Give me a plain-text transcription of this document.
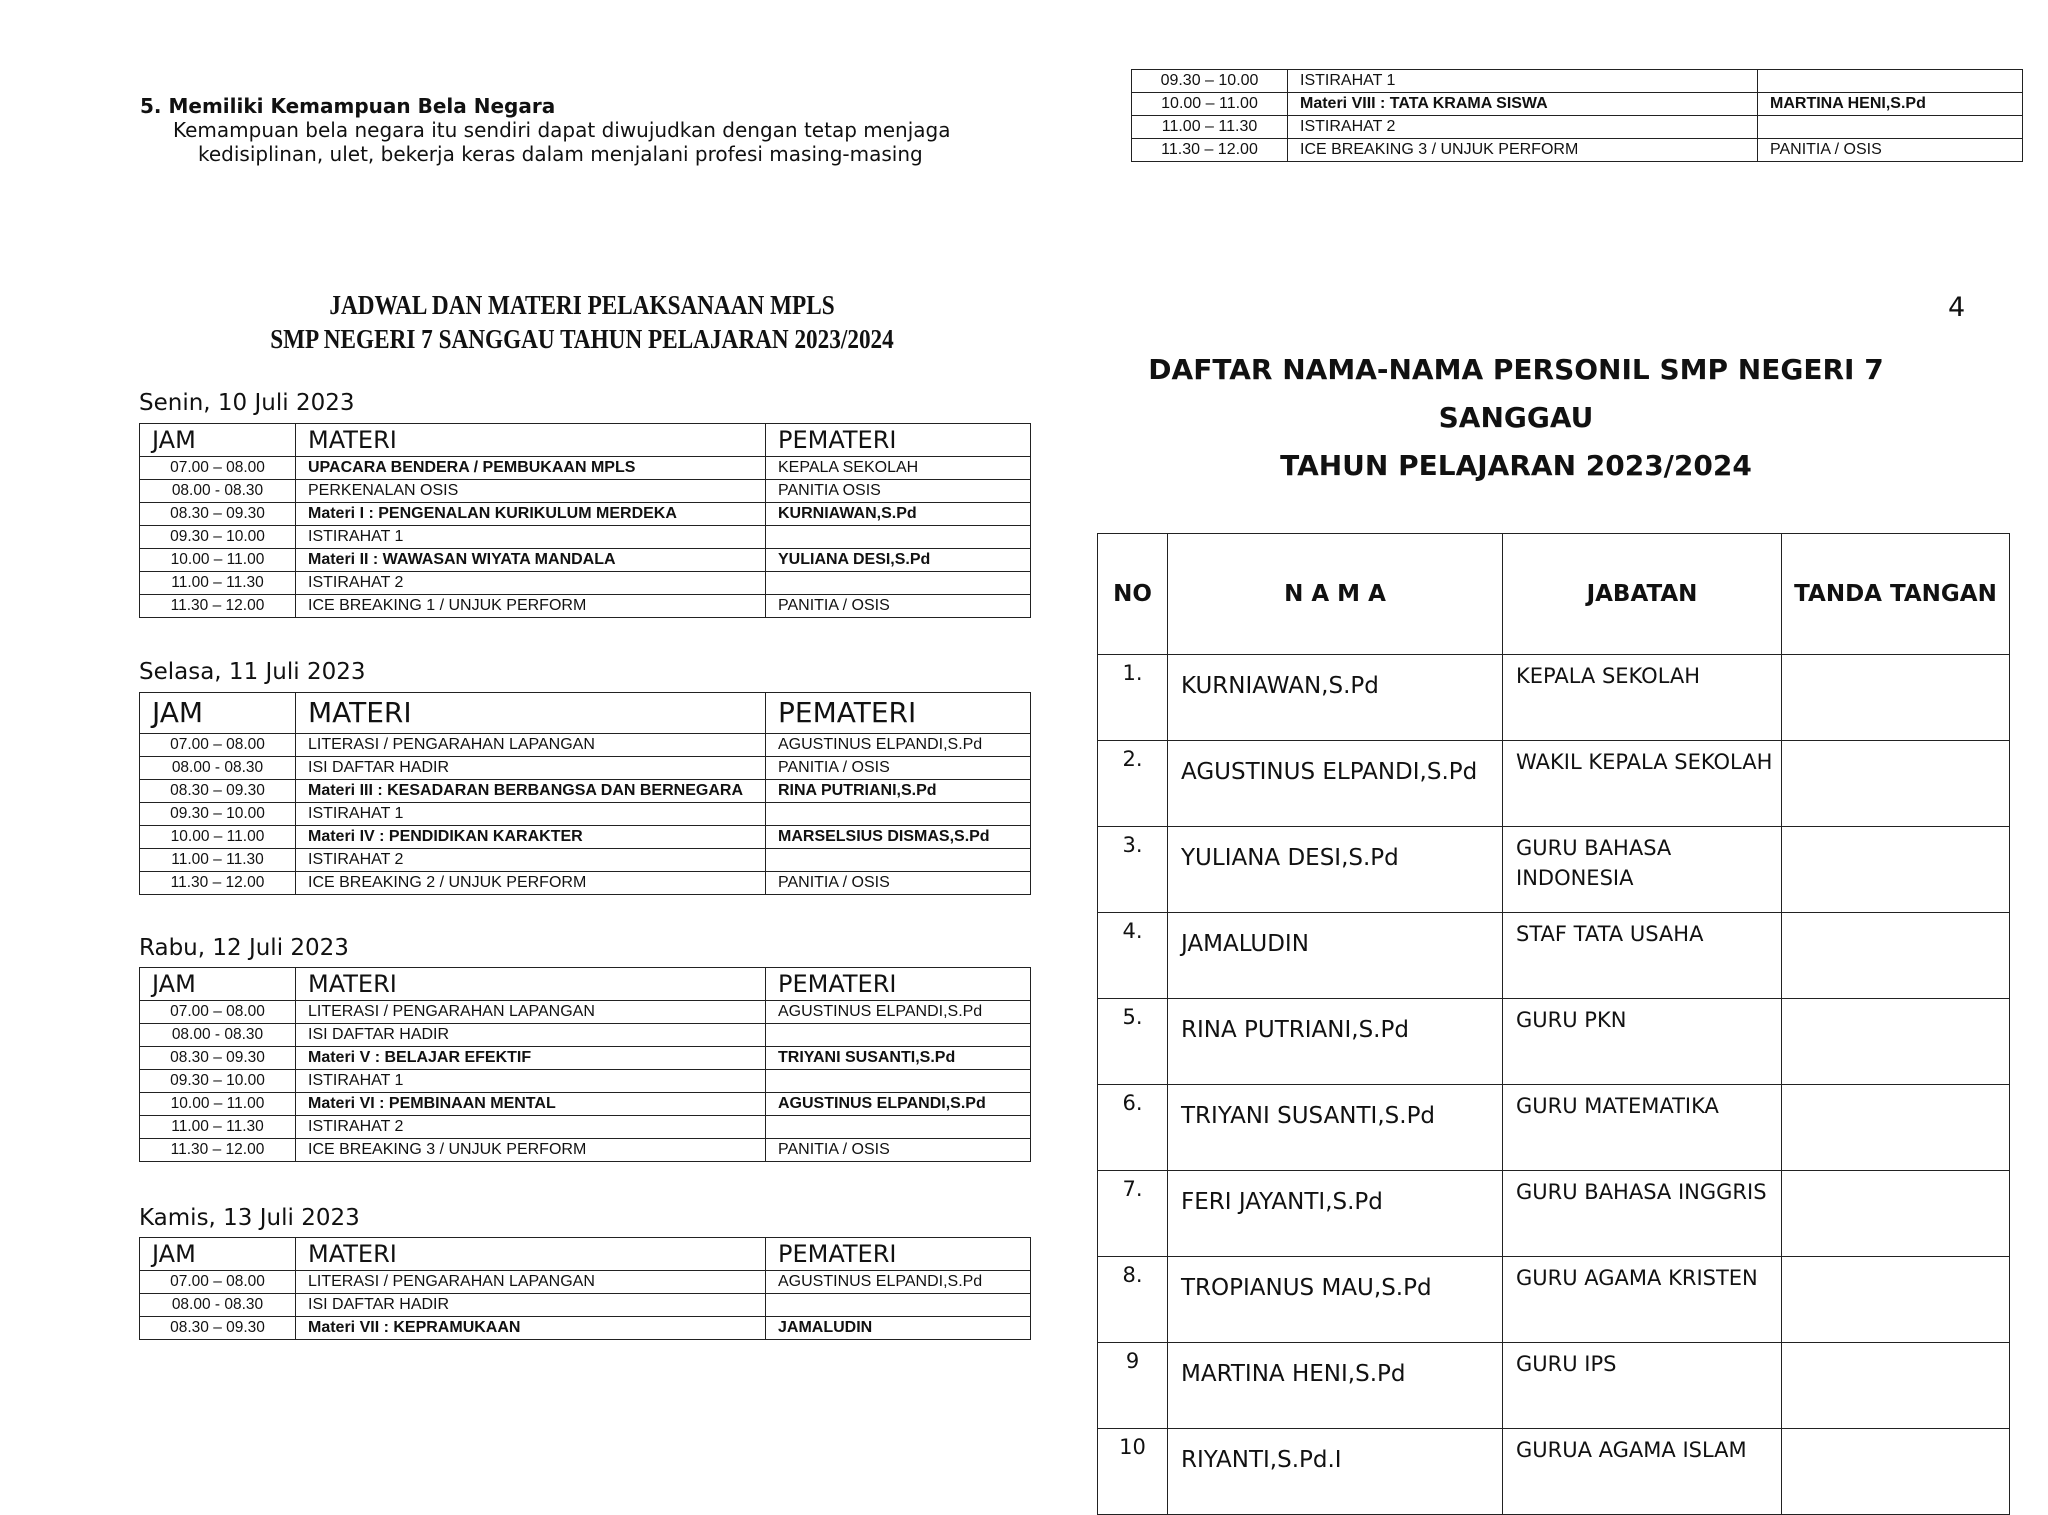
5. Memiliki Kemampuan Bela Negara
Kemampuan bela negara itu sendiri dapat diwujudkan dengan tetap menjaga
kedisiplinan, ulet, bekerja keras dalam menjalani profesi masing-masing
JADWAL DAN MATERI PELAKSANAAN MPLS
SMP NEGERI 7 SANGGAU TAHUN PELAJARAN 2023/2024
Senin, 10 Juli 2023
JAM	MATERI	PEMATERI
07.00 – 08.00	UPACARA BENDERA / PEMBUKAAN MPLS	KEPALA SEKOLAH
08.00 - 08.30	PERKENALAN OSIS	PANITIA OSIS
08.30 – 09.30	Materi I : PENGENALAN KURIKULUM MERDEKA	KURNIAWAN,S.Pd
09.30 – 10.00	ISTIRAHAT 1	
10.00 – 11.00	Materi II : WAWASAN WIYATA MANDALA	YULIANA DESI,S.Pd
11.00 – 11.30	ISTIRAHAT 2	
11.30 – 12.00	ICE BREAKING 1 / UNJUK PERFORM	PANITIA / OSIS
Selasa, 11 Juli 2023
JAM	MATERI	PEMATERI
07.00 – 08.00	LITERASI / PENGARAHAN LAPANGAN	AGUSTINUS ELPANDI,S.Pd
08.00 - 08.30	ISI DAFTAR HADIR	PANITIA / OSIS
08.30 – 09.30	Materi III : KESADARAN BERBANGSA DAN BERNEGARA	RINA PUTRIANI,S.Pd
09.30 – 10.00	ISTIRAHAT 1	
10.00 – 11.00	Materi IV : PENDIDIKAN KARAKTER	MARSELSIUS DISMAS,S.Pd
11.00 – 11.30	ISTIRAHAT 2	
11.30 – 12.00	ICE BREAKING 2 / UNJUK PERFORM	PANITIA / OSIS
Rabu, 12 Juli 2023
JAM	MATERI	PEMATERI
07.00 – 08.00	LITERASI / PENGARAHAN LAPANGAN	AGUSTINUS ELPANDI,S.Pd
08.00 - 08.30	ISI DAFTAR HADIR	
08.30 – 09.30	Materi V : BELAJAR EFEKTIF	TRIYANI SUSANTI,S.Pd
09.30 – 10.00	ISTIRAHAT 1	
10.00 – 11.00	Materi VI : PEMBINAAN MENTAL	AGUSTINUS ELPANDI,S.Pd
11.00 – 11.30	ISTIRAHAT 2	
11.30 – 12.00	ICE BREAKING 3 / UNJUK PERFORM	PANITIA / OSIS
Kamis, 13 Juli 2023
JAM	MATERI	PEMATERI
07.00 – 08.00	LITERASI / PENGARAHAN LAPANGAN	AGUSTINUS ELPANDI,S.Pd
08.00 - 08.30	ISI DAFTAR HADIR	
08.30 – 09.30	Materi VII : KEPRAMUKAAN	JAMALUDIN
09.30 – 10.00	ISTIRAHAT 1	
10.00 – 11.00	Materi VIII : TATA KRAMA SISWA	MARTINA HENI,S.Pd
11.00 – 11.30	ISTIRAHAT 2	
11.30 – 12.00	ICE BREAKING 3 / UNJUK PERFORM	PANITIA / OSIS
4
DAFTAR NAMA-NAMA PERSONIL SMP NEGERI 7
SANGGAU
TAHUN PELAJARAN 2023/2024
NO	N A M A	JABATAN	TANDA TANGAN
1.	KURNIAWAN,S.Pd	KEPALA SEKOLAH	
2.	AGUSTINUS ELPANDI,S.Pd	WAKIL KEPALA SEKOLAH	
3.	YULIANA DESI,S.Pd	GURU BAHASA INDONESIA	
4.	JAMALUDIN	STAF TATA USAHA	
5.	RINA PUTRIANI,S.Pd	GURU PKN	
6.	TRIYANI SUSANTI,S.Pd	GURU MATEMATIKA	
7.	FERI JAYANTI,S.Pd	GURU BAHASA INGGRIS	
8.	TROPIANUS MAU,S.Pd	GURU AGAMA KRISTEN	
9	MARTINA HENI,S.Pd	GURU IPS	
10	RIYANTI,S.Pd.I	GURUA AGAMA ISLAM	
